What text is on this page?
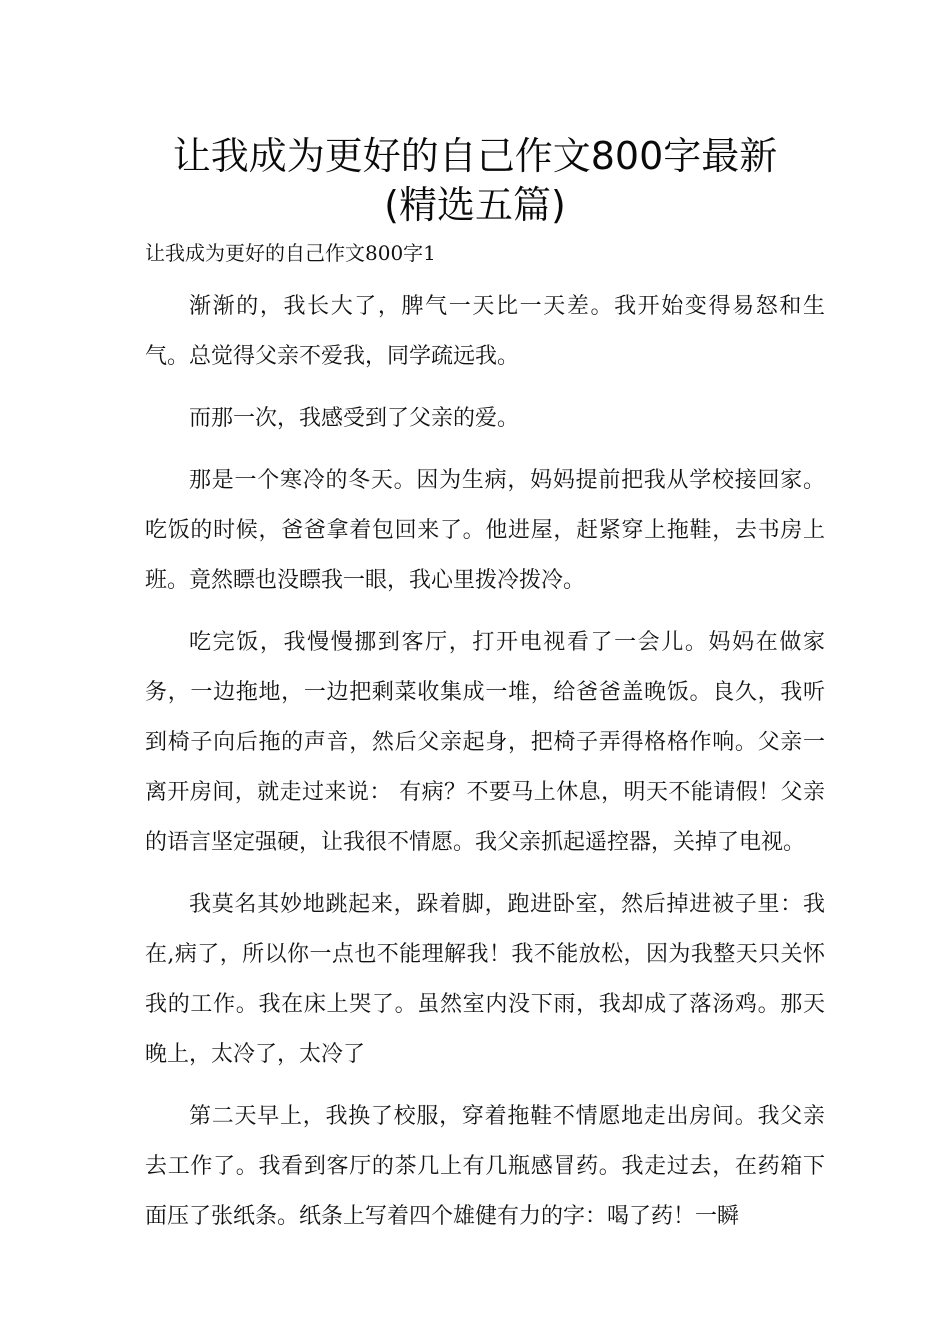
让我成为更好的自己作文800字最新
(精选五篇)

让我成为更好的自己作文800字1

渐渐的，我长大了，脾气一天比一天差。我开始变得易怒和生气。总觉得父亲不爱我，同学疏远我。

而那一次，我感受到了父亲的爱。

那是一个寒冷的冬天。因为生病，妈妈提前把我从学校接回家。吃饭的时候，爸爸拿着包回来了。他进屋，赶紧穿上拖鞋，去书房上班。竟然瞟也没瞟我一眼，我心里拨冷拨冷。

吃完饭，我慢慢挪到客厅，打开电视看了一会儿。妈妈在做家务，一边拖地，一边把剩菜收集成一堆，给爸爸盖晚饭。良久，我听到椅子向后拖的声音，然后父亲起身，把椅子弄得格格作响。父亲一离开房间，就走过来说： 有病？不要马上休息，明天不能请假！父亲的语言坚定强硬，让我很不情愿。我父亲抓起遥控器，关掉了电视。

我莫名其妙地跳起来，跺着脚，跑进卧室，然后掉进被子里：我在,病了，所以你一点也不能理解我！我不能放松，因为我整天只关怀我的工作。我在床上哭了。虽然室内没下雨，我却成了落汤鸡。那天晚上，太冷了，太冷了

第二天早上，我换了校服，穿着拖鞋不情愿地走出房间。我父亲去工作了。我看到客厅的茶几上有几瓶感冒药。我走过去，在药箱下面压了张纸条。纸条上写着四个雄健有力的字：喝了药！一瞬
